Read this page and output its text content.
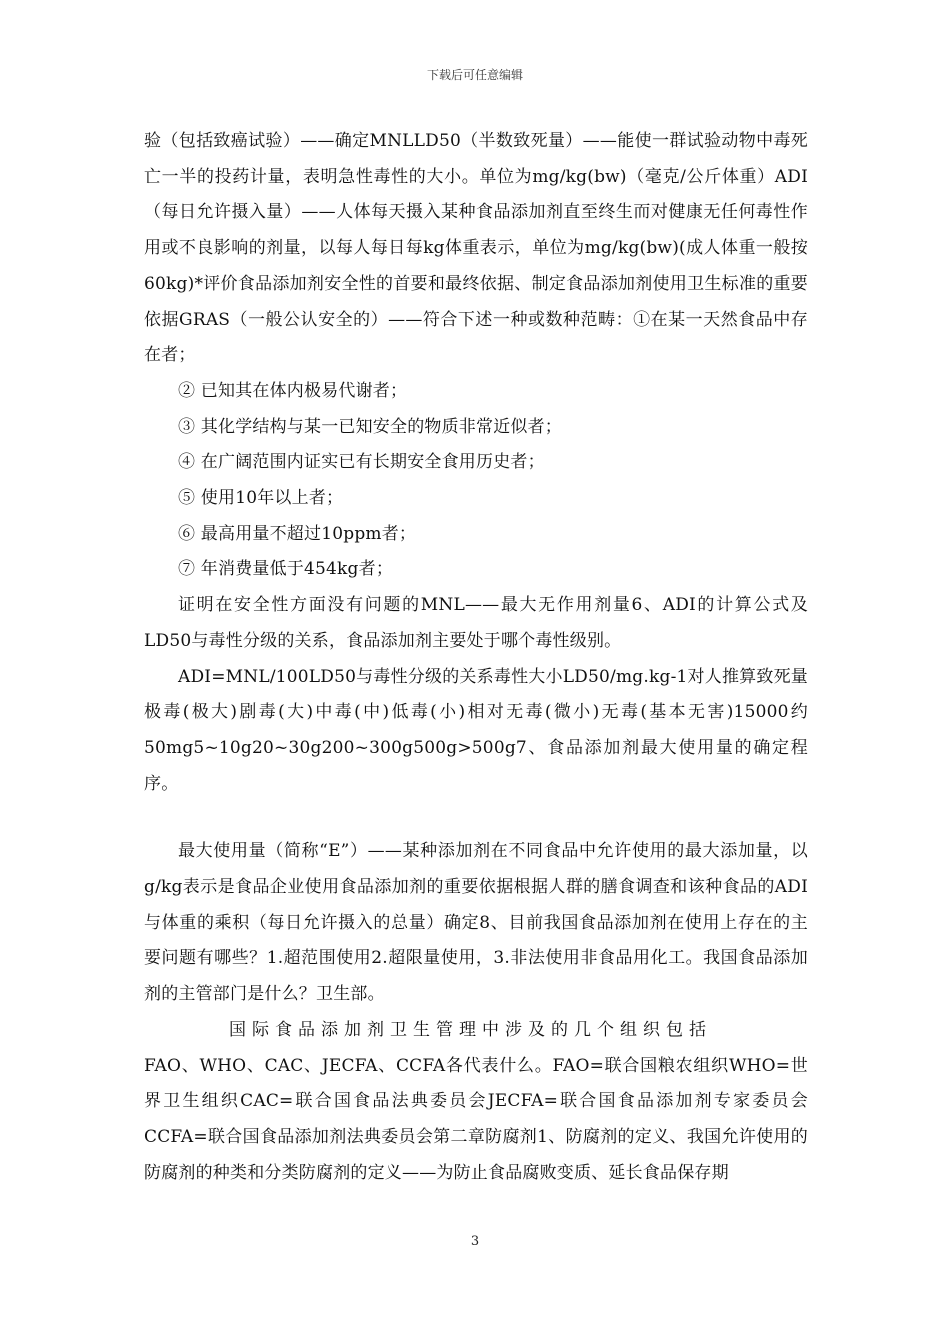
下载后可任意编辑

验（包括致癌试验）——确定MNLLD50（半数致死量）——能使一群试验动物中毒死亡一半的投药计量，表明急性毒性的大小。单位为mg/kg(bw)（毫克/公斤体重）ADI（每日允许摄入量）——人体每天摄入某种食品添加剂直至终生而对健康无任何毒性作用或不良影响的剂量，以每人每日每kg体重表示，单位为mg/kg(bw)(成人体重一般按60kg)*评价食品添加剂安全性的首要和最终依据、制定食品添加剂使用卫生标准的重要依据GRAS（一般公认安全的）——符合下述一种或数种范畴：①在某一天然食品中存在者；

② 已知其在体内极易代谢者；

③ 其化学结构与某一已知安全的物质非常近似者；

④ 在广阔范围内证实已有长期安全食用历史者；

⑤ 使用10年以上者；

⑥ 最高用量不超过10ppm者；

⑦ 年消费量低于454kg者；

证明在安全性方面没有问题的MNL——最大无作用剂量6、ADI的计算公式及LD50与毒性分级的关系，食品添加剂主要处于哪个毒性级别。

ADI=MNL/100LD50与毒性分级的关系毒性大小LD50/mg.kg-1对人推算致死量极毒(极大)剧毒(大)中毒(中)低毒(小)相对无毒(微小)无毒(基本无害)15000约50mg5~10g20~30g200~300g500g>500g7、食品添加剂最大使用量的确定程序。

最大使用量（简称“E”）——某种添加剂在不同食品中允许使用的最大添加量，以g/kg表示是食品企业使用食品添加剂的重要依据根据人群的膳食调查和该种食品的ADI与体重的乘积（每日允许摄入的总量）确定8、目前我国食品添加剂在使用上存在的主要问题有哪些？1.超范围使用2.超限量使用，3.非法使用非食品用化工。我国食品添加剂的主管部门是什么？卫生部。

国际食品添加剂卫生管理中涉及的几个组织包括

FAO、WHO、CAC、JECFA、CCFA各代表什么。FAO=联合国粮农组织WHO=世界卫生组织CAC=联合国食品法典委员会JECFA=联合国食品添加剂专家委员会CCFA=联合国食品添加剂法典委员会第二章防腐剂1、防腐剂的定义、我国允许使用的防腐剂的种类和分类防腐剂的定义——为防止食品腐败变质、延长食品保存期

3
